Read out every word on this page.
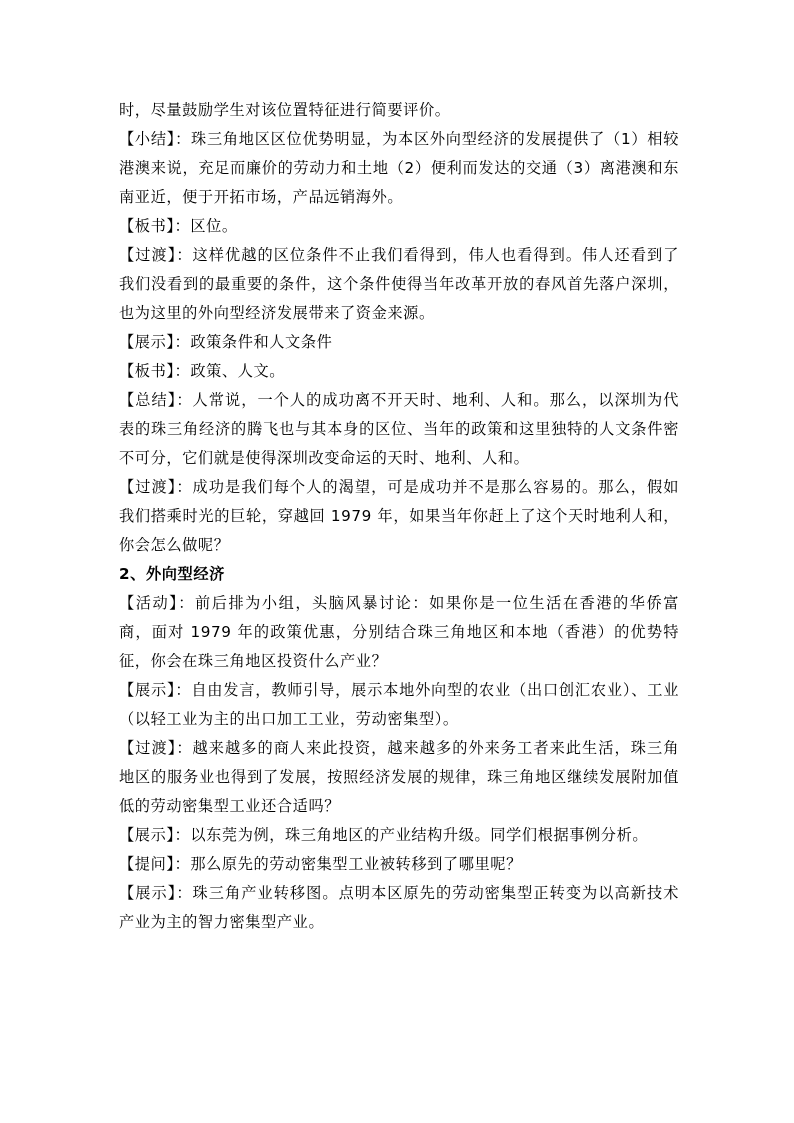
时，尽量鼓励学生对该位置特征进行简要评价。

【小结】：珠三角地区区位优势明显，为本区外向型经济的发展提供了（1）相较港澳来说，充足而廉价的劳动力和土地（2）便利而发达的交通（3）离港澳和东南亚近，便于开拓市场，产品远销海外。

【板书】：区位。

【过渡】：这样优越的区位条件不止我们看得到，伟人也看得到。伟人还看到了我们没看到的最重要的条件，这个条件使得当年改革开放的春风首先落户深圳，也为这里的外向型经济发展带来了资金来源。

【展示】：政策条件和人文条件

【板书】：政策、人文。

【总结】：人常说，一个人的成功离不开天时、地利、人和。那么，以深圳为代表的珠三角经济的腾飞也与其本身的区位、当年的政策和这里独特的人文条件密不可分，它们就是使得深圳改变命运的天时、地利、人和。

【过渡】：成功是我们每个人的渴望，可是成功并不是那么容易的。那么，假如我们搭乘时光的巨轮，穿越回 1979 年，如果当年你赶上了这个天时地利人和，你会怎么做呢？

2、外向型经济

【活动】：前后排为小组，头脑风暴讨论：如果你是一位生活在香港的华侨富商，面对 1979 年的政策优惠，分别结合珠三角地区和本地（香港）的优势特征，你会在珠三角地区投资什么产业？

【展示】：自由发言，教师引导，展示本地外向型的农业（出口创汇农业）、工业（以轻工业为主的出口加工工业，劳动密集型）。

【过渡】：越来越多的商人来此投资，越来越多的外来务工者来此生活，珠三角地区的服务业也得到了发展，按照经济发展的规律，珠三角地区继续发展附加值低的劳动密集型工业还合适吗？

【展示】：以东莞为例，珠三角地区的产业结构升级。同学们根据事例分析。

【提问】：那么原先的劳动密集型工业被转移到了哪里呢？

【展示】：珠三角产业转移图。点明本区原先的劳动密集型正转变为以高新技术产业为主的智力密集型产业。
